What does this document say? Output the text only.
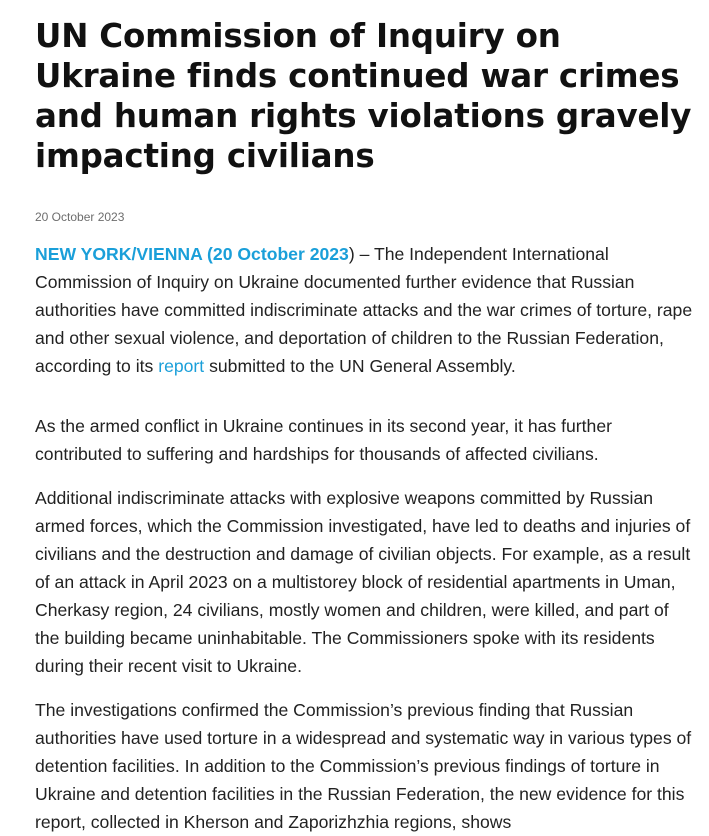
UN Commission of Inquiry on Ukraine finds continued war crimes and human rights violations gravely impacting civilians
20 October 2023

NEW YORK/VIENNA (20 October 2023) – The Independent International Commission of Inquiry on Ukraine documented further evidence that Russian authorities have committed indiscriminate attacks and the war crimes of torture, rape and other sexual violence, and deportation of children to the Russian Federation, according to its report submitted to the UN General Assembly.

As the armed conflict in Ukraine continues in its second year, it has further contributed to suffering and hardships for thousands of affected civilians.

Additional indiscriminate attacks with explosive weapons committed by Russian armed forces, which the Commission investigated, have led to deaths and injuries of civilians and the destruction and damage of civilian objects. For example, as a result of an attack in April 2023 on a multistorey block of residential apartments in Uman, Cherkasy region, 24 civilians, mostly women and children, were killed, and part of the building became uninhabitable. The Commissioners spoke with its residents during their recent visit to Ukraine.

The investigations confirmed the Commission’s previous finding that Russian authorities have used torture in a widespread and systematic way in various types of detention facilities. In addition to the Commission’s previous findings of torture in Ukraine and detention facilities in the Russian Federation, the new evidence for this report, collected in Kherson and Zaporizhzhia regions, shows
